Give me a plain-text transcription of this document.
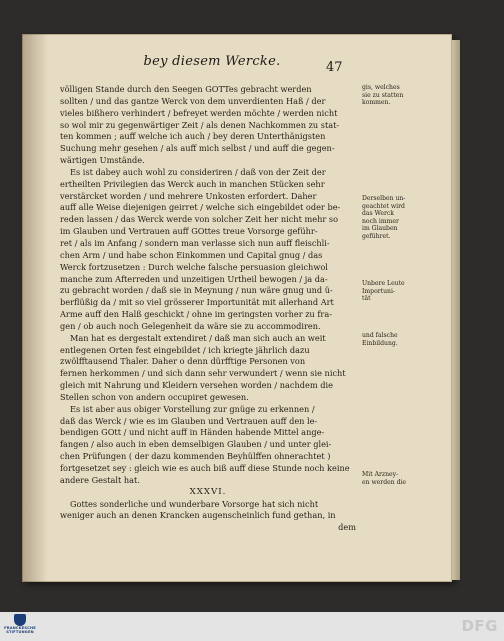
bey diesem Wercke.	47
völligen Stande durch den Seegen GOTTes gebracht werden
sollten / und das gantze Werck von dem unverdienten Haß / der
vieles bißhero verhindert / befreyet werden möchte / werden nicht
so wol mir zu gegenwärtiger Zeit / als denen Nachkommen zu stat-
ten kommen ; auff welche ich auch / bey deren Unterthänigsten
Suchung mehr gesehen / als auff mich selbst / und auff die gegen-
wärtigen Umstände.
Es ist dabey auch wohl zu consideriren / daß von der Zeit der
ertheilten Privilegien das Werck auch in manchen Stücken sehr
verstärcket worden / und mehrere Unkosten erfordert. Daher
auff alle Weise diejenigen geirret / welche sich eingebildet oder be-
reden lassen / das Werck werde von solcher Zeit her nicht mehr so
im Glauben und Vertrauen auff GOttes treue Vorsorge geführ-
ret / als im Anfang / sondern man verlasse sich nun auff fleischli-
chen Arm / und habe schon Einkommen und Capital gnug / das
Werck fortzusetzen : Durch welche falsche persuasion gleichwol
manche zum Afterreden und unzeitigen Urtheil bewogen / ja da-
zu gebracht worden / daß sie in Meynung / nun wäre gnug und ü-
berflüßig da / mit so viel grösserer Importunität mit allerhand Art
Arme auff den Halß geschickt / ohne im geringsten vorher zu fra-
gen / ob auch noch Gelegenheit da wäre sie zu accommodiren.
Man hat es dergestalt extendiret / daß man sich auch an weit
entlegenen Orten fest eingebildet / ich kriegte jährlich dazu
zwölfftausend Thaler. Daher o denn dürfftige Personen von
fernen herkommen / und sich dann sehr verwundert / wenn sie nicht
gleich mit Nahrung und Kleidern versehen worden / nachdem die
Stellen schon von andern occupiret gewesen.
Es ist aber aus obiger Vorstellung zur gnüge zu erkennen /
daß das Werck / wie es im Glauben und Vertrauen auff den le-
bendigen GOtt / und nicht auff in Händen habende Mittel ange-
fangen / also auch in eben demselbigen Glauben / und unter glei-
chen Prüfungen ( der dazu kommenden Beyhülffen ohnerachtet )
fortgesetzet sey : gleich wie es auch biß auff diese Stunde noch keine
andere Gestalt hat.
XXXVI.
Gottes sonderliche und wunderbare Vorsorge hat sich nicht
weniger auch an denen Krancken augenscheinlich fund gethan, in
dem
gis, welches
sie zu statten
kommen.
Derselben un-
geachtet wird
das Werck
noch immer
im Glauben
geführet.
Unbere Leute
Importuni-
tät
und falsche
Einbildung.
Mit Arzney-
en werden die
FRANCKESCHE
STIFTUNGEN	DFG
